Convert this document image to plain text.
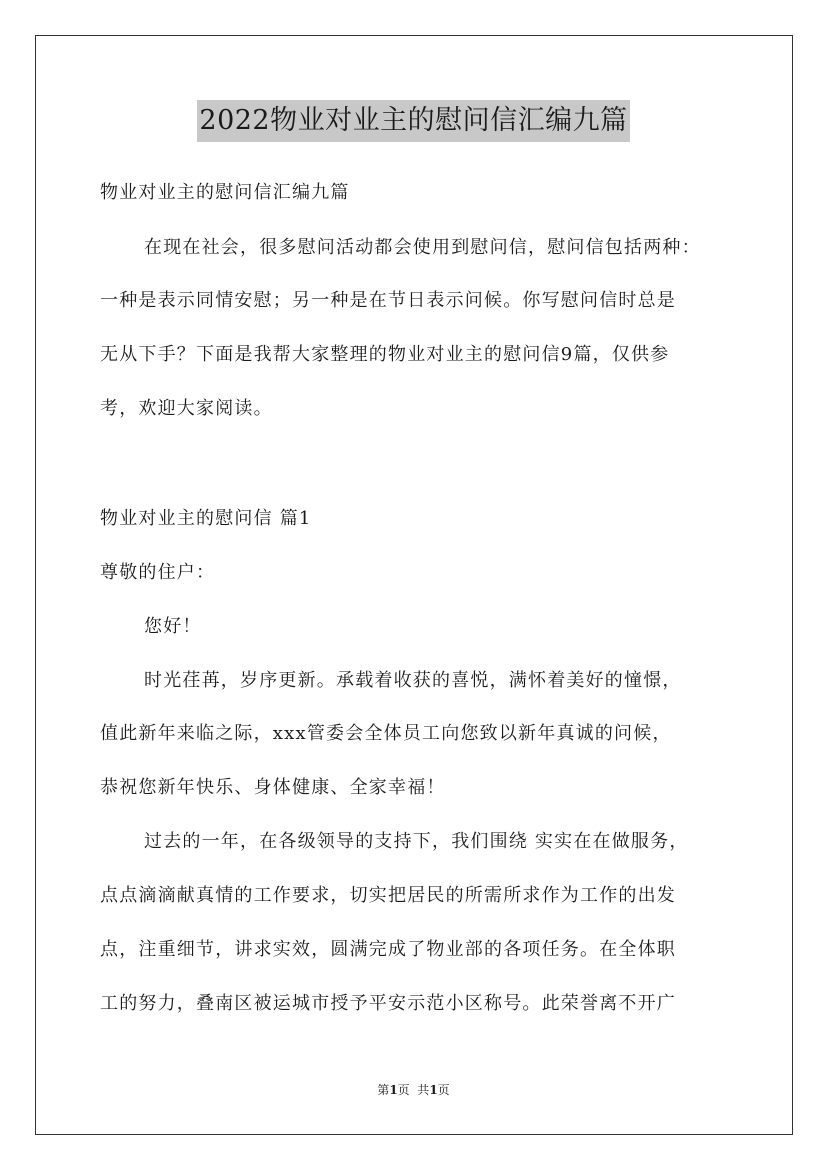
2022物业对业主的慰问信汇编九篇
物业对业主的慰问信汇编九篇
在现在社会，很多慰问活动都会使用到慰问信，慰问信包括两种：
一种是表示同情安慰；另一种是在节日表示问候。你写慰问信时总是
无从下手？下面是我帮大家整理的物业对业主的慰问信9篇，仅供参
考，欢迎大家阅读。
物业对业主的慰问信 篇1
尊敬的住户：
您好！
时光荏苒，岁序更新。承载着收获的喜悦，满怀着美好的憧憬，
值此新年来临之际，xxx管委会全体员工向您致以新年真诚的问候，
恭祝您新年快乐、身体健康、全家幸福！
过去的一年，在各级领导的支持下，我们围绕 实实在在做服务，
点点滴滴献真情的工作要求，切实把居民的所需所求作为工作的出发
点，注重细节，讲求实效，圆满完成了物业部的各项任务。在全体职
工的努力，叠南区被运城市授予平安示范小区称号。此荣誉离不开广
第1页  共1页
